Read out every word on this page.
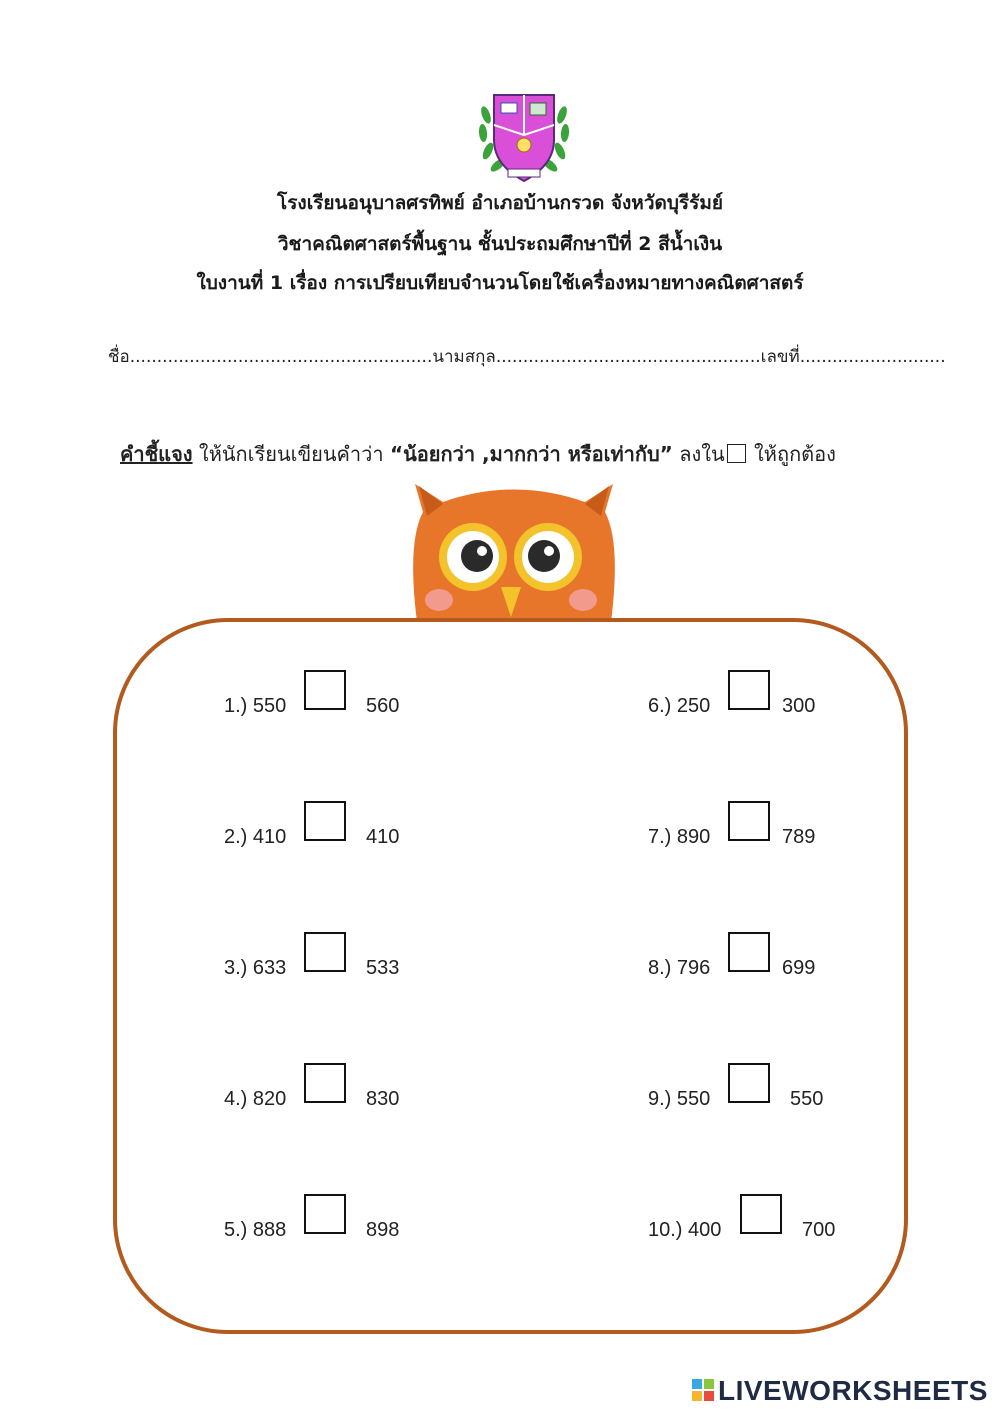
โรงเรียนอนุบาลศรทิพย์ อำเภอบ้านกรวด จังหวัดบุรีรัมย์
วิชาคณิตศาสตร์พื้นฐาน ชั้นประถมศึกษาปีที่ 2 สีน้ำเงิน
ใบงานที่ 1 เรื่อง การเปรียบเทียบจำนวนโดยใช้เครื่องหมายทางคณิตศาสตร์
ชื่อ........................................................นามสกุล.................................................เลขที่...........................
คำชี้แจง ให้นักเรียนเขียนคำว่า “น้อยกว่า ,มากกว่า หรือเท่ากับ” ลงใน ให้ถูกต้อง
1.) 550	560
2.) 410	410
3.) 633	533
4.) 820	830
5.) 888	898
6.) 250	300
7.) 890	789
8.) 796	699
9.) 550	550
10.) 400	700
LIVEWORKSHEETS
